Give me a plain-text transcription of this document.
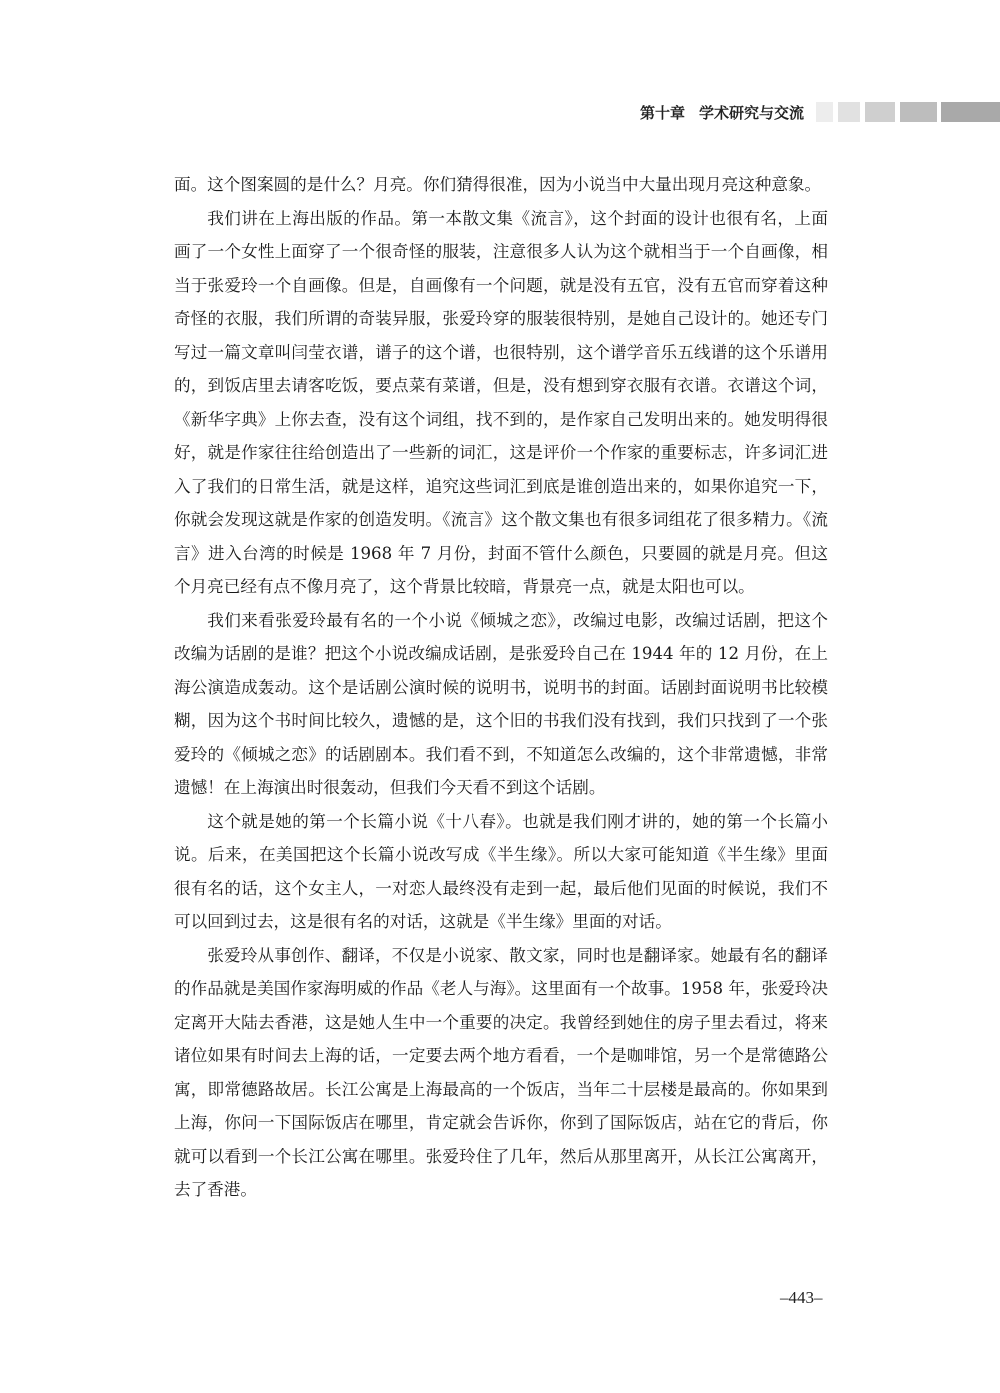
第十章 学术研究与交流

面。这个图案圆的是什么？月亮。你们猜得很准，因为小说当中大量出现月亮这种意象。

我们讲在上海出版的作品。第一本散文集《流言》，这个封面的设计也很有名，上面画了一个女性上面穿了一个很奇怪的服装，注意很多人认为这个就相当于一个自画像，相当于张爱玲一个自画像。但是，自画像有一个问题，就是没有五官，没有五官而穿着这种奇怪的衣服，我们所谓的奇装异服，张爱玲穿的服装很特别，是她自己设计的。她还专门写过一篇文章叫闫莹衣谱，谱子的这个谱，也很特别，这个谱学音乐五线谱的这个乐谱用的，到饭店里去请客吃饭，要点菜有菜谱，但是，没有想到穿衣服有衣谱。衣谱这个词，《新华字典》上你去查，没有这个词组，找不到的，是作家自己发明出来的。她发明得很好，就是作家往往给创造出了一些新的词汇，这是评价一个作家的重要标志，许多词汇进入了我们的日常生活，就是这样，追究这些词汇到底是谁创造出来的，如果你追究一下，你就会发现这就是作家的创造发明。《流言》这个散文集也有很多词组花了很多精力。《流言》进入台湾的时候是 1968 年 7 月份，封面不管什么颜色，只要圆的就是月亮。但这个月亮已经有点不像月亮了，这个背景比较暗，背景亮一点，就是太阳也可以。

我们来看张爱玲最有名的一个小说《倾城之恋》，改编过电影，改编过话剧，把这个改编为话剧的是谁？把这个小说改编成话剧，是张爱玲自己在 1944 年的 12 月份，在上海公演造成轰动。这个是话剧公演时候的说明书，说明书的封面。话剧封面说明书比较模糊，因为这个书时间比较久，遗憾的是，这个旧的书我们没有找到，我们只找到了一个张爱玲的《倾城之恋》的话剧剧本。我们看不到，不知道怎么改编的，这个非常遗憾，非常遗憾！在上海演出时很轰动，但我们今天看不到这个话剧。

这个就是她的第一个长篇小说《十八春》。也就是我们刚才讲的，她的第一个长篇小说。后来，在美国把这个长篇小说改写成《半生缘》。所以大家可能知道《半生缘》里面很有名的话，这个女主人，一对恋人最终没有走到一起，最后他们见面的时候说，我们不可以回到过去，这是很有名的对话，这就是《半生缘》里面的对话。

张爱玲从事创作、翻译，不仅是小说家、散文家，同时也是翻译家。她最有名的翻译的作品就是美国作家海明威的作品《老人与海》。这里面有一个故事。1958 年，张爱玲决定离开大陆去香港，这是她人生中一个重要的决定。我曾经到她住的房子里去看过，将来诸位如果有时间去上海的话，一定要去两个地方看看，一个是咖啡馆，另一个是常德路公寓，即常德路故居。长江公寓是上海最高的一个饭店，当年二十层楼是最高的。你如果到上海，你问一下国际饭店在哪里，肯定就会告诉你，你到了国际饭店，站在它的背后，你就可以看到一个长江公寓在哪里。张爱玲住了几年，然后从那里离开，从长江公寓离开，去了香港。

–443–
